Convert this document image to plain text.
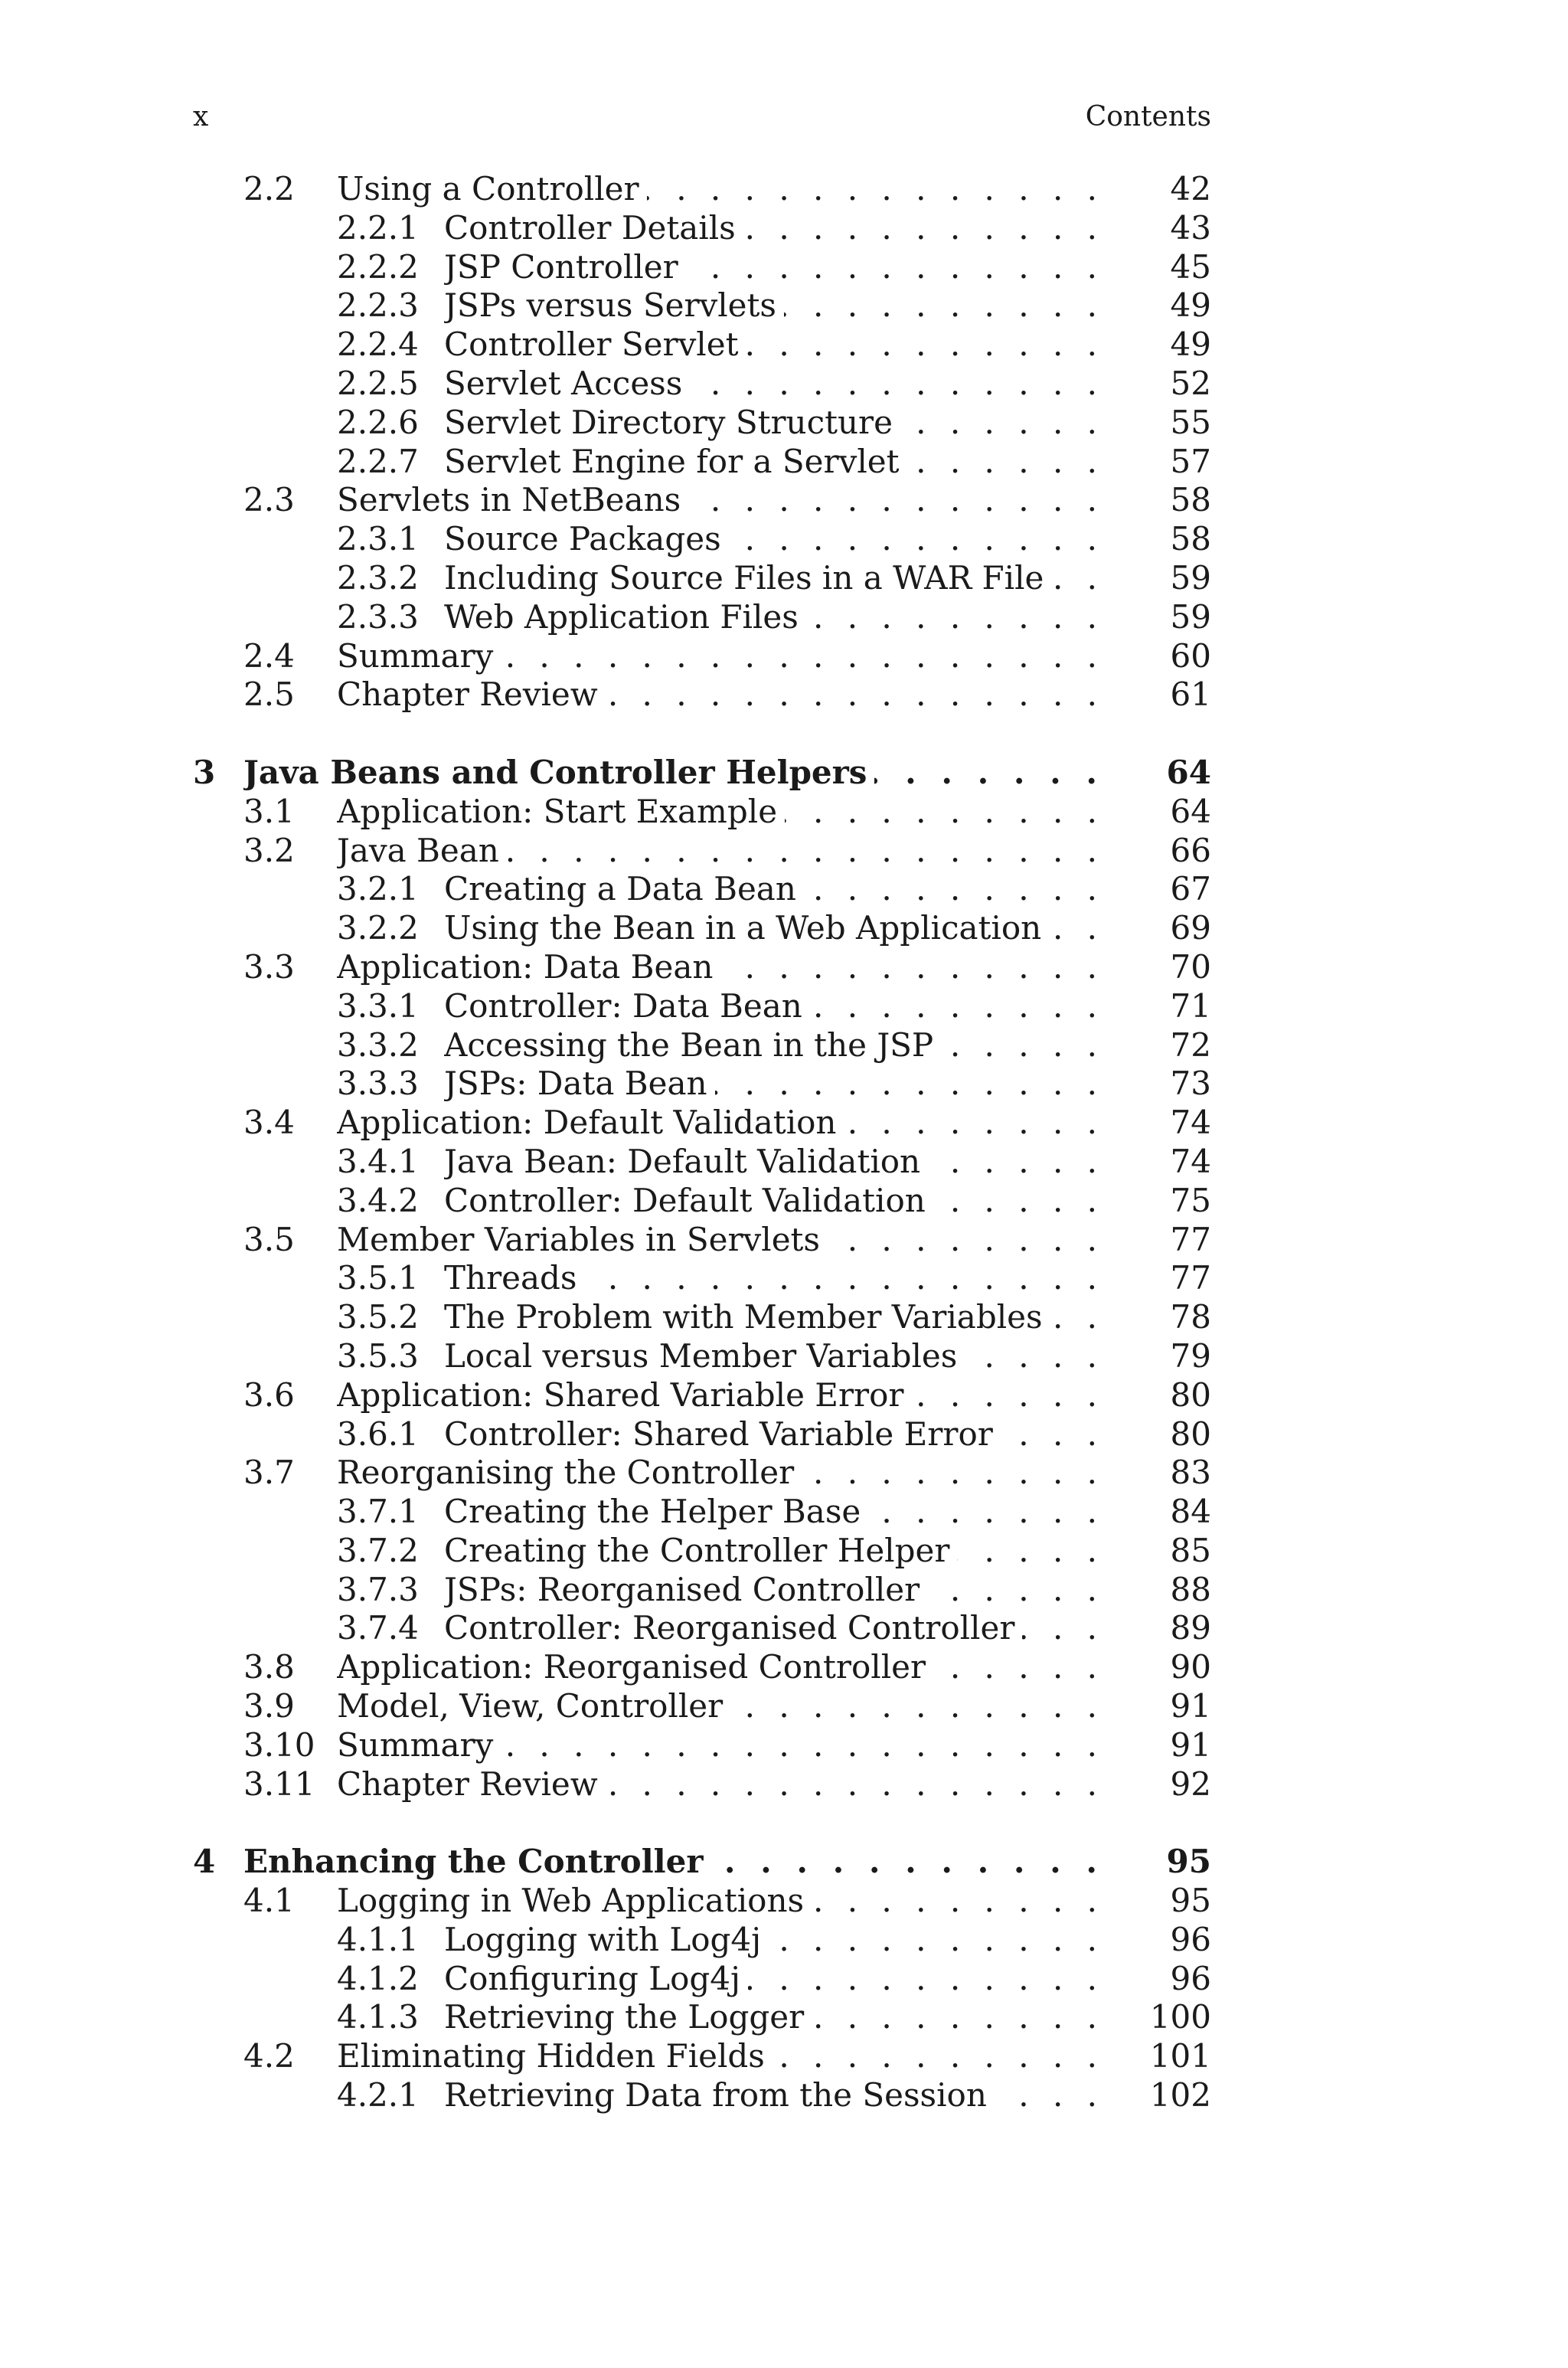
x	Contents
2.2 Using a Controller . . .	42
2.2.1 Controller Details . . .	43
2.2.2 JSP Controller . . .	45
2.2.3 JSPs versus Servlets . . .	49
2.2.4 Controller Servlet . . .	49
2.2.5 Servlet Access . . .	52
2.2.6 Servlet Directory Structure . . .	55
2.2.7 Servlet Engine for a Servlet . . .	57
2.3 Servlets in NetBeans . . .	58
2.3.1 Source Packages . . .	58
2.3.2 Including Source Files in a WAR File . . .	59
2.3.3 Web Application Files . . .	59
2.4 Summary . . .	60
2.5 Chapter Review . . .	61
3 Java Beans and Controller Helpers . . .	64
3.1 Application: Start Example . . .	64
3.2 Java Bean . . .	66
3.2.1 Creating a Data Bean . . .	67
3.2.2 Using the Bean in a Web Application . . .	69
3.3 Application: Data Bean . . .	70
3.3.1 Controller: Data Bean . . .	71
3.3.2 Accessing the Bean in the JSP . . .	72
3.3.3 JSPs: Data Bean . . .	73
3.4 Application: Default Validation . . .	74
3.4.1 Java Bean: Default Validation . . .	74
3.4.2 Controller: Default Validation . . .	75
3.5 Member Variables in Servlets . . .	77
3.5.1 Threads . . .	77
3.5.2 The Problem with Member Variables . . .	78
3.5.3 Local versus Member Variables . . .	79
3.6 Application: Shared Variable Error . . .	80
3.6.1 Controller: Shared Variable Error . . .	80
3.7 Reorganising the Controller . . .	83
3.7.1 Creating the Helper Base . . .	84
3.7.2 Creating the Controller Helper . . .	85
3.7.3 JSPs: Reorganised Controller . . .	88
3.7.4 Controller: Reorganised Controller . . .	89
3.8 Application: Reorganised Controller . . .	90
3.9 Model, View, Controller . . .	91
3.10 Summary . . .	91
3.11 Chapter Review . . .	92
4 Enhancing the Controller . . .	95
4.1 Logging in Web Applications . . .	95
4.1.1 Logging with Log4j . . .	96
4.1.2 Configuring Log4j . . .	96
4.1.3 Retrieving the Logger . . .	100
4.2 Eliminating Hidden Fields . . .	101
4.2.1 Retrieving Data from the Session . . .	102
